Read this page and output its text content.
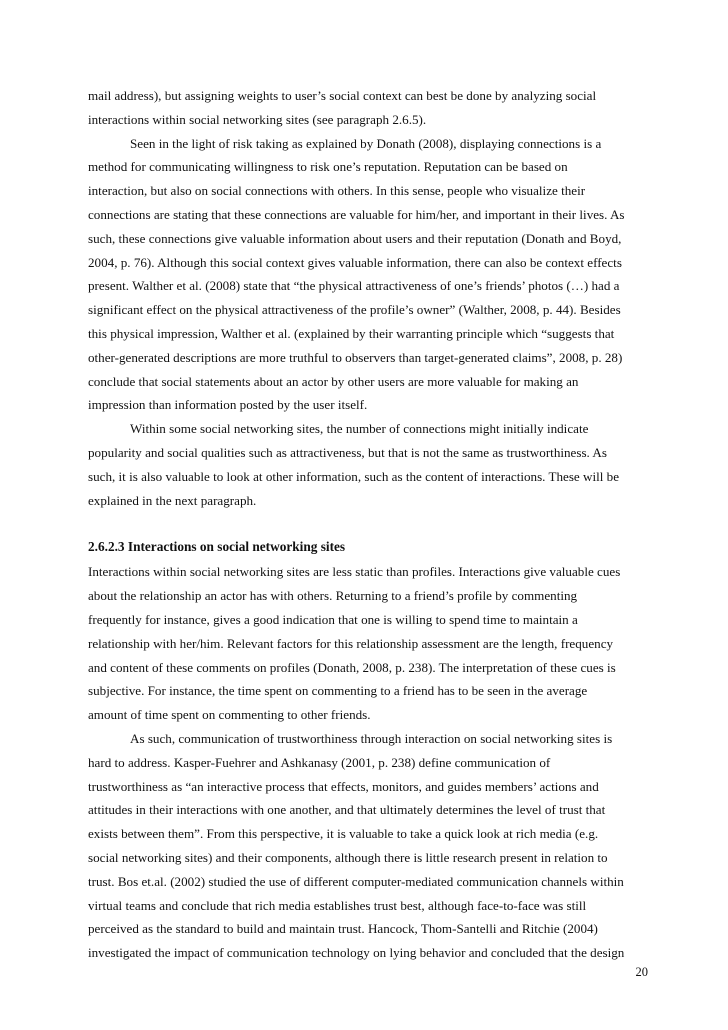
mail address), but assigning weights to user’s social context can best be done by analyzing social
interactions within social networking sites (see paragraph 2.6.5).
Seen in the light of risk taking as explained by Donath (2008), displaying connections is a
method for communicating willingness to risk one’s reputation. Reputation can be based on
interaction, but also on social connections with others. In this sense, people who visualize their
connections are stating that these connections are valuable for him/her, and important in their lives. As
such, these connections give valuable information about users and their reputation (Donath and Boyd,
2004, p. 76). Although this social context gives valuable information, there can also be context effects
present. Walther et al. (2008) state that “the physical attractiveness of one’s friends’ photos (…) had a
significant effect on the physical attractiveness of the profile’s owner” (Walther, 2008, p. 44). Besides
this physical impression, Walther et al. (explained by their warranting principle which “suggests that
other-generated descriptions are more truthful to observers than target-generated claims”, 2008, p. 28)
conclude that social statements about an actor by other users are more valuable for making an
impression than information posted by the user itself.
Within some social networking sites, the number of connections might initially indicate
popularity and social qualities such as attractiveness, but that is not the same as trustworthiness. As
such, it is also valuable to look at other information, such as the content of interactions. These will be
explained in the next paragraph.
2.6.2.3 Interactions on social networking sites
Interactions within social networking sites are less static than profiles. Interactions give valuable cues
about the relationship an actor has with others. Returning to a friend’s profile by commenting
frequently for instance, gives a good indication that one is willing to spend time to maintain a
relationship with her/him. Relevant factors for this relationship assessment are the length, frequency
and content of these comments on profiles (Donath, 2008, p. 238). The interpretation of these cues is
subjective. For instance, the time spent on commenting to a friend has to be seen in the average
amount of time spent on commenting to other friends.
As such, communication of trustworthiness through interaction on social networking sites is
hard to address. Kasper-Fuehrer and Ashkanasy (2001, p. 238) define communication of
trustworthiness as “an interactive process that effects, monitors, and guides members’ actions and
attitudes in their interactions with one another, and that ultimately determines the level of trust that
exists between them”. From this perspective, it is valuable to take a quick look at rich media (e.g.
social networking sites) and their components, although there is little research present in relation to
trust. Bos et.al. (2002) studied the use of different computer-mediated communication channels within
virtual teams and conclude that rich media establishes trust best, although face-to-face was still
perceived as the standard to build and maintain trust. Hancock, Thom-Santelli and Ritchie (2004)
investigated the impact of communication technology on lying behavior and concluded that the design
20
